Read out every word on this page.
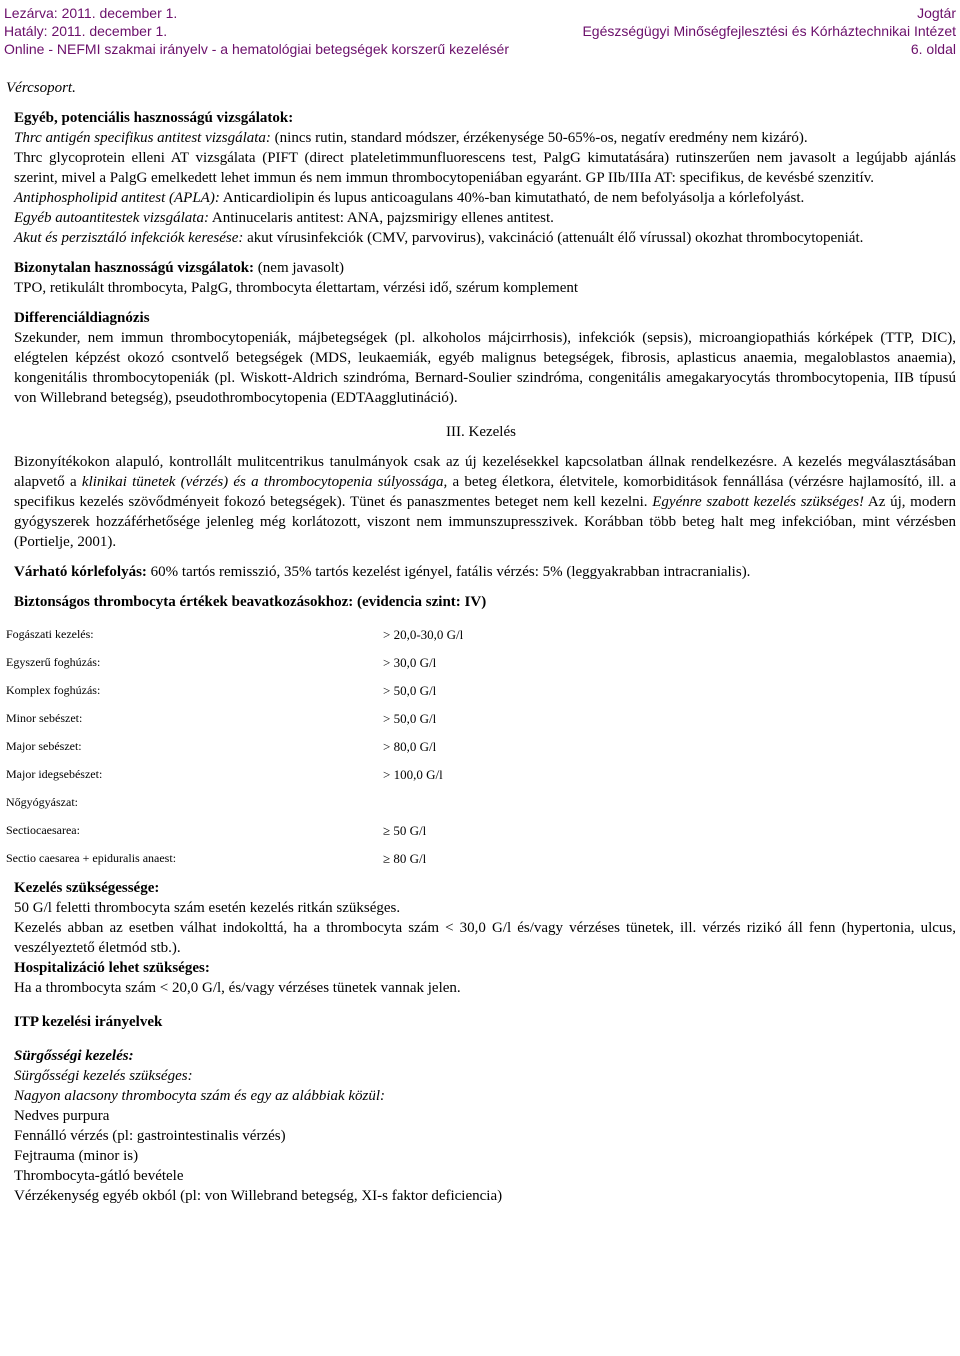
Lezárva: 2011. december 1.	Jogtár
Hatály: 2011. december 1.	Egészségügyi Minőségfejlesztési és Kórháztechnikai Intézet
Online - NEFMI szakmai irányelv - a hematológiai betegségek korszerű kezelésér	6. oldal

Vércsoport.

Egyéb, potenciális hasznosságú vizsgálatok:

Thrc antigén specifikus antitest vizsgálata: (nincs rutin, standard módszer, érzékenysége 50-65%-os, negatív eredmény nem kizáró).

Thrc glycoprotein elleni AT vizsgálata (PIFT (direct plateletimmunfluorescens test, PalgG kimutatására) rutinszerűen nem javasolt a legújabb ajánlás szerint, mivel a PalgG emelkedett lehet immun és nem immun thrombocytopeniában egyaránt. GP IIb/IIIa AT: specifikus, de kevésbé szenzitív.

Antiphospholipid antitest (APLA): Anticardiolipin és lupus anticoagulans 40%-ban kimutatható, de nem befolyásolja a kórlefolyást.

Egyéb autoantitestek vizsgálata: Antinucelaris antitest: ANA, pajzsmirigy ellenes antitest.

Akut és perzisztáló infekciók keresése: akut vírusinfekciók (CMV, parvovirus), vakcináció (attenuált élő vírussal) okozhat thrombocytopeniát.

Bizonytalan hasznosságú vizsgálatok: (nem javasolt)

TPO, retikulált thrombocyta, PalgG, thrombocyta élettartam, vérzési idő, szérum komplement

Differenciáldiagnózis

Szekunder, nem immun thrombocytopeniák, májbetegségek (pl. alkoholos májcirrhosis), infekciók (sepsis), microangiopathiás kórképek (TTP, DIC), elégtelen képzést okozó csontvelő betegségek (MDS, leukaemiák, egyéb malignus betegségek, fibrosis, aplasticus anaemia, megaloblastos anaemia), kongenitális thrombocytopeniák (pl. Wiskott-Aldrich szindróma, Bernard-Soulier szindróma, congenitális amegakaryocytás thrombocytopenia, IIB típusú von Willebrand betegség), pseudothrombocytopenia (EDTAagglutináció).

III. Kezelés

Bizonyítékokon alapuló, kontrollált mulitcentrikus tanulmányok csak az új kezelésekkel kapcsolatban állnak rendelkezésre. A kezelés megválasztásában alapvető a klinikai tünetek (vérzés) és a thrombocytopenia súlyossága, a beteg életkora, életvitele, komorbiditások fennállása (vérzésre hajlamosító, ill. a specifikus kezelés szövődményeit fokozó betegségek). Tünet és panaszmentes beteget nem kell kezelni. Egyénre szabott kezelés szükséges! Az új, modern gyógyszerek hozzáférhetősége jelenleg még korlátozott, viszont nem immunszupresszivek. Korábban több beteg halt meg infekcióban, mint vérzésben (Portielje, 2001).

Várható kórlefolyás: 60% tartós remisszió, 35% tartós kezelést igényel, fatális vérzés: 5% (leggyakrabban intracranialis).

Biztonságos thrombocyta értékek beavatkozásokhoz: (evidencia szint: IV)

Fogászati kezelés:	> 20,0-30,0 G/l
Egyszerű foghúzás:	> 30,0 G/l
Komplex foghúzás:	> 50,0 G/l
Minor sebészet:	> 50,0 G/l
Major sebészet:	> 80,0 G/l
Major idegsebészet:	> 100,0 G/l
Nőgyógyászat:	
Sectiocaesarea:	≥ 50 G/l
Sectio caesarea + epiduralis anaest:	≥ 80 G/l

Kezelés szükségessége:

50 G/l feletti thrombocyta szám esetén kezelés ritkán szükséges.

Kezelés abban az esetben válhat indokolttá, ha a thrombocyta szám < 30,0 G/l és/vagy vérzéses tünetek, ill. vérzés rizikó áll fenn (hypertonia, ulcus, veszélyeztető életmód stb.).

Hospitalizáció lehet szükséges:

Ha a thrombocyta szám < 20,0 G/l, és/vagy vérzéses tünetek vannak jelen.

ITP kezelési irányelvek

Sürgősségi kezelés:

Sürgősségi kezelés szükséges:

Nagyon alacsony thrombocyta szám és egy az alábbiak közül:

Nedves purpura

Fennálló vérzés (pl: gastrointestinalis vérzés)

Fejtrauma (minor is)

Thrombocyta-gátló bevétele

Vérzékenység egyéb okból (pl: von Willebrand betegség, XI-s faktor deficiencia)
